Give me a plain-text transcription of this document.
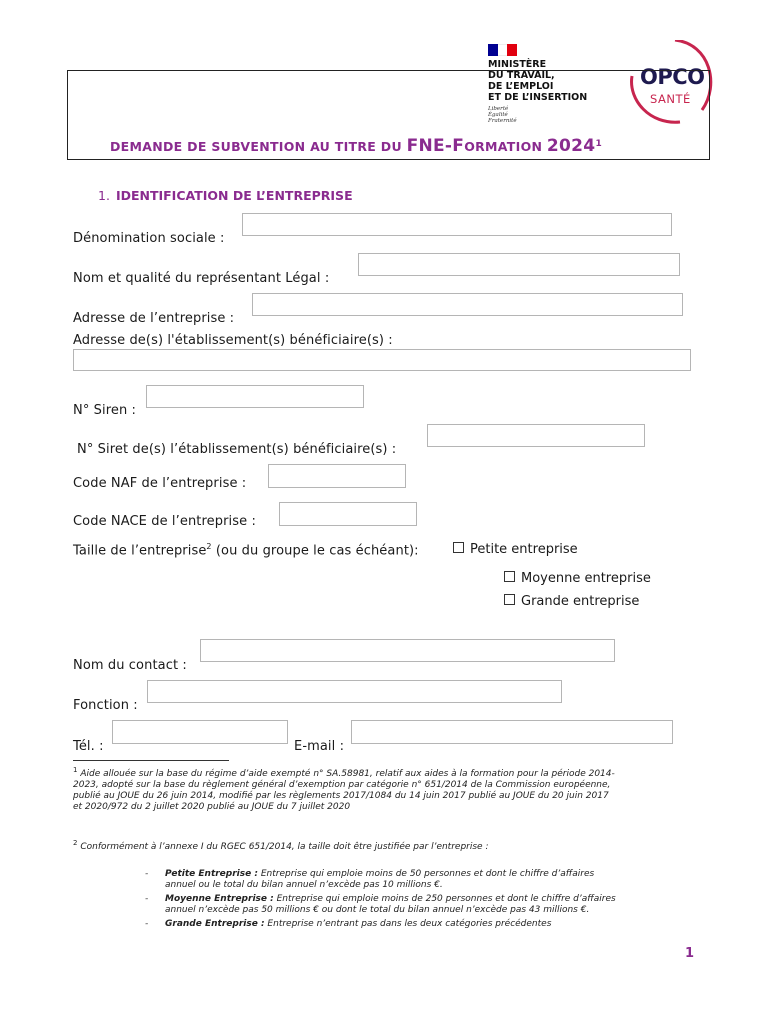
MINISTÈRE
DU TRAVAIL,
DE L’EMPLOI
ET DE L’INSERTION
Liberté
Égalité
Fraternité
OPCO
SANTÉ
DEMANDE DE SUBVENTION AU TITRE DU FNE-FORMATION 2024$^1$
1. IDENTIFICATION DE L’ENTREPRISE
Dénomination sociale :
Nom et qualité du représentant Légal :
Adresse de l’entreprise :
Adresse de(s) l'établissement(s) bénéficiaire(s) :
N° Siren :
N° Siret de(s) l’établissement(s) bénéficiaire(s) :
Code NAF de l’entreprise :
Code NACE de l’entreprise :
Taille de l’entreprise$^2$ (ou du groupe le cas échéant):	Petite entreprise
Moyenne entreprise
Grande entreprise
Nom du contact :
Fonction :
Tél. :	E-mail :
$^1$ Aide allouée sur la base du régime d’aide exempté n° SA.58981, relatif aux aides à la formation pour la période 2014-
2023, adopté sur la base du règlement général d’exemption par catégorie n° 651/2014 de la Commission européenne,
publié au JOUE du 26 juin 2014, modifié par les règlements 2017/1084 du 14 juin 2017 publié au JOUE du 20 juin 2017
et 2020/972 du 2 juillet 2020 publié au JOUE du 7 juillet 2020
$^2$ Conformément à l’annexe I du RGEC 651/2014, la taille doit être justifiée par l’entreprise :
- Petite Entreprise : Entreprise qui emploie moins de 50 personnes et dont le chiffre d’affaires
annuel ou le total du bilan annuel n’excède pas 10 millions €.
- Moyenne Entreprise : Entreprise qui emploie moins de 250 personnes et dont le chiffre d’affaires
annuel n’excède pas 50 millions € ou dont le total du bilan annuel n’excède pas 43 millions €.
- Grande Entreprise : Entreprise n’entrant pas dans les deux catégories précédentes
1
